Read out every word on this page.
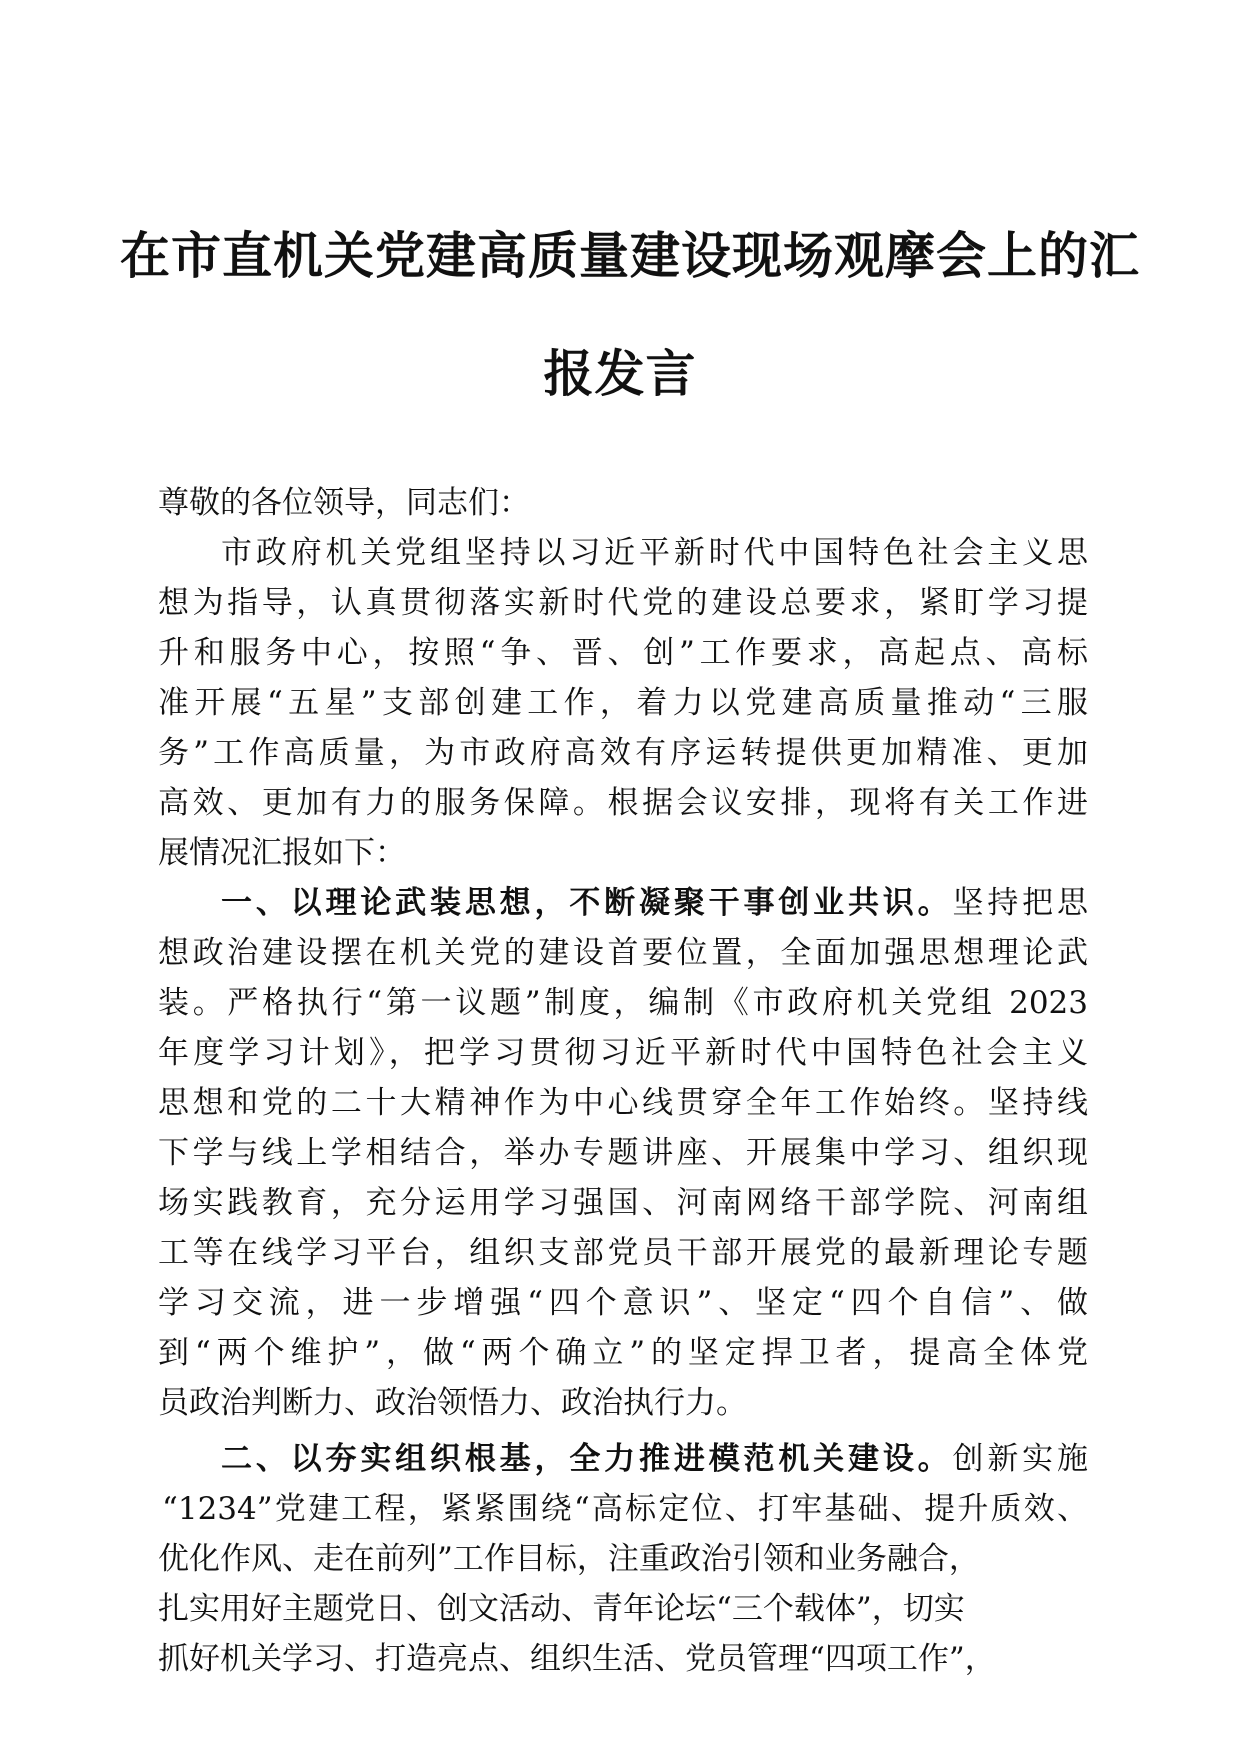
在市直机关党建高质量建设现场观摩会上的汇
报发言
尊敬的各位领导，同志们：
市政府机关党组坚持以习近平新时代中国特色社会主义思
想为指导，认真贯彻落实新时代党的建设总要求，紧盯学习提
升和服务中心，按照“争、晋、创”工作要求，高起点、高标
准开展“五星”支部创建工作，着力以党建高质量推动“三服
务”工作高质量，为市政府高效有序运转提供更加精准、更加
高效、更加有力的服务保障。根据会议安排，现将有关工作进
展情况汇报如下：
一、以理论武装思想，不断凝聚干事创业共识。坚持把思
想政治建设摆在机关党的建设首要位置，全面加强思想理论武
装。严格执行“第一议题”制度，编制《市政府机关党组 2023
年度学习计划》，把学习贯彻习近平新时代中国特色社会主义
思想和党的二十大精神作为中心线贯穿全年工作始终。坚持线
下学与线上学相结合，举办专题讲座、开展集中学习、组织现
场实践教育，充分运用学习强国、河南网络干部学院、河南组
工等在线学习平台，组织支部党员干部开展党的最新理论专题
学习交流，进一步增强“四个意识”、坚定“四个自信”、做
到“两个维护”，做“两个确立”的坚定捍卫者，提高全体党
员政治判断力、政治领悟力、政治执行力。
二、以夯实组织根基，全力推进模范机关建设。创新实施
“1234”党建工程，紧紧围绕“高标定位、打牢基础、提升质效、
优化作风、走在前列”工作目标，注重政治引领和业务融合，
扎实用好主题党日、创文活动、青年论坛“三个载体”，切实
抓好机关学习、打造亮点、组织生活、党员管理“四项工作”，
